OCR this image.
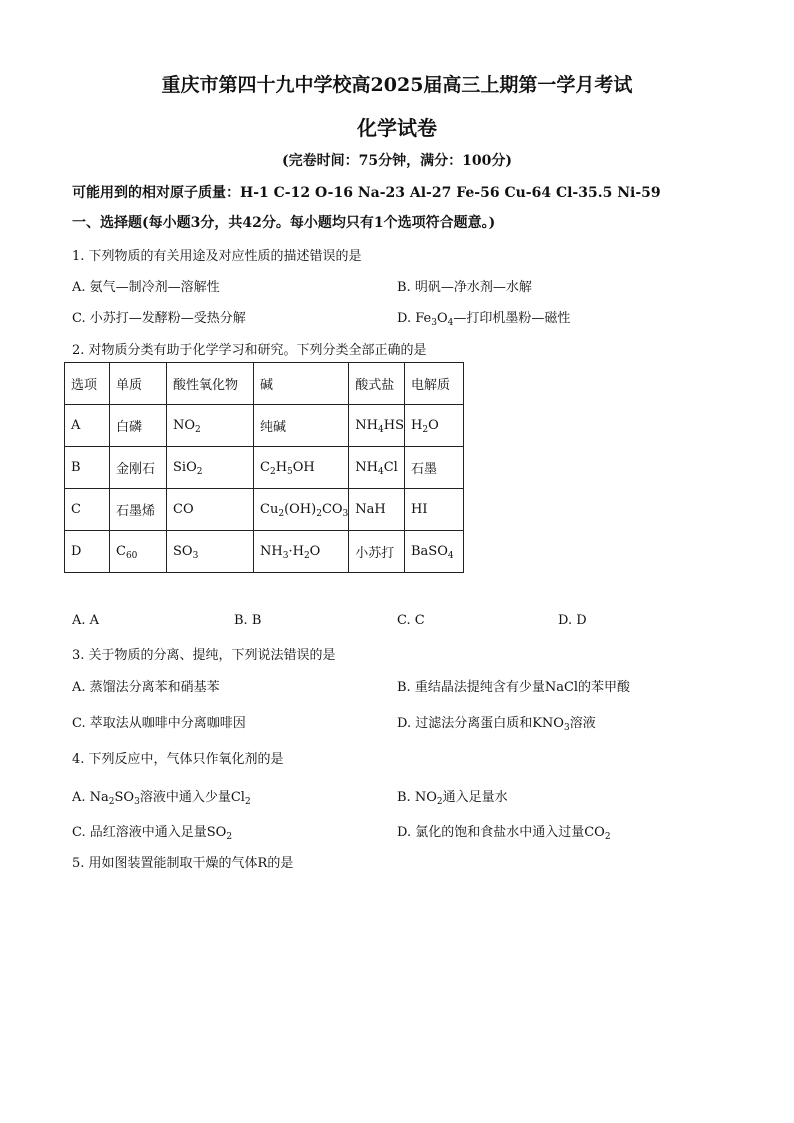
重庆市第四十九中学校高2025届高三上期第一学月考试
化学试卷
(完卷时间：75分钟，满分：100分)
可能用到的相对原子质量：H-1 C-12 O-16 Na-23 Al-27 Fe-56 Cu-64 Cl-35.5 Ni-59
一、选择题(每小题3分，共42分。每小题均只有1个选项符合题意。)
1. 下列物质的有关用途及对应性质的描述错误的是
A. 氨气—制冷剂—溶解性	B. 明矾—净水剂—水解
C. 小苏打—发酵粉—受热分解	D. $Fe_3O_4—$打印机墨粉—磁性
2. 对物质分类有助于化学学习和研究。下列分类全部正确的是
选项	单质	酸性氧化物	碱	酸式盐	电解质
A	白磷	$NO_2$	纯碱	$NH_4HS$	$H_2O$
B	金刚石	SiO$_2$	$C_2H_5OH$	$NH_4Cl$	石墨
C	石墨烯	CO	$Cu_2(OH)_2CO_3$	NaH	HI
D	$C_{60}$	$SO_3$	$NH_3\cdot H_2O$	小苏打	BaSO$_4$
A. A	B. B	C. C	D. D
3. 关于物质的分离、提纯，下列说法错误的是
A. 蒸馏法分离苯和硝基苯	B. 重结晶法提纯含有少量NaCl的苯甲酸
C. 萃取法从咖啡中分离咖啡因	D. 过滤法分离蛋白质和$KNO_3$溶液
4. 下列反应中，气体只作氧化剂的是
A. $Na_2SO_3$溶液中通入少量$Cl_2$	B. $NO_2$通入足量水
C. 品红溶液中通入足量$SO_2$	D. 氯化的饱和食盐水中通入过量$CO_2$
5. 用如图装置能制取干燥的气体R的是
